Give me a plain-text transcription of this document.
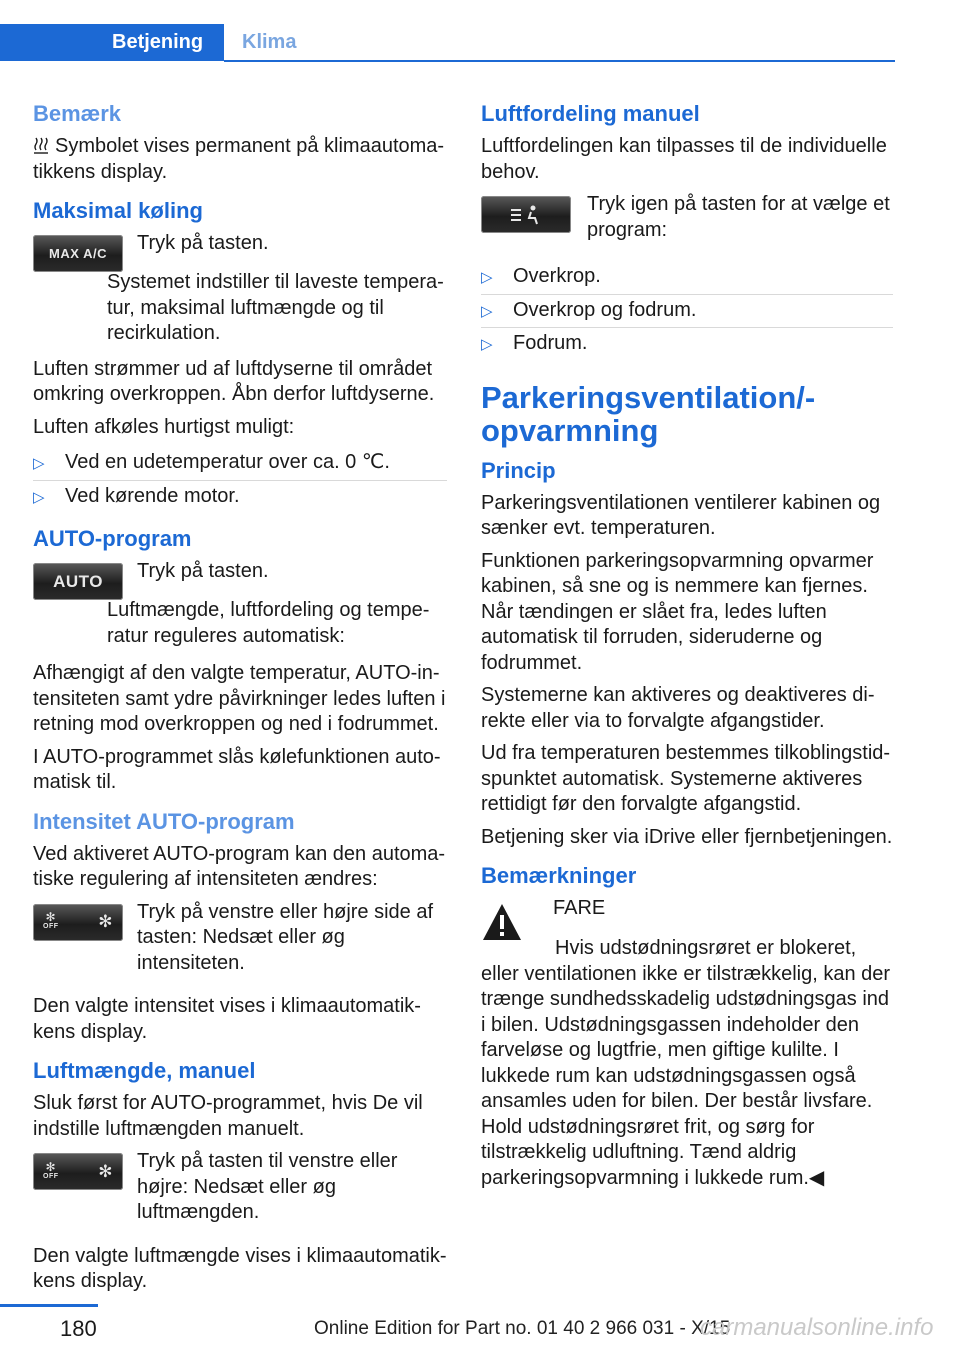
Betjening	Klima
Bemærk

Symbolet vises permanent på klimaautomatikkens display.

Maksimal køling
MAX A/C	Tryk på tasten.

Systemet indstiller til laveste temperatur, maksimal luftmængde og til recirkulation.

Luften strømmer ud af luftdyserne til området omkring overkroppen. Åbn derfor luftdyserne.

Luften afkøles hurtigst muligt:

▷ Ved en udetemperatur over ca. 0 ℃.
▷ Ved kørende motor.
AUTO-program
AUTO	Tryk på tasten.

Luftmængde, luftfordeling og temperatur reguleres automatisk:

Afhængigt af den valgte temperatur, AUTO-intensiteten samt ydre påvirkninger ledes luften i retning mod overkroppen og ned i fodrummet.

I AUTO-programmet slås kølefunktionen automatisk til.

Intensitet AUTO-program

Ved aktiveret AUTO-program kan den automatiske regulering af intensiteten ændres:

✻
OFF ✻ Tryk på venstre eller højre side af tasten: Nedsæt eller øg intensiteten.

Den valgte intensitet vises i klimaautomatikkens display.

Luftmængde, manuel

Sluk først for AUTO-programmet, hvis De vil indstille luftmængden manuelt.

✻
OFF ✻ Tryk på tasten til venstre eller højre: Nedsæt eller øg luftmængden.

Den valgte luftmængde vises i klimaautomatikkens display.

Luftfordeling manuel

Luftfordelingen kan tilpasses til de individuelle behov.

Tryk igen på tasten for at vælge et program:

▷ Overkrop.
▷ Overkrop og fodrum.
▷ Fodrum.
Parkeringsventilation/-opvarmning
Princip

Parkeringsventilationen ventilerer kabinen og sænker evt. temperaturen.

Funktionen parkeringsopvarmning opvarmer kabinen, så sne og is nemmere kan fjernes. Når tændingen er slået fra, ledes luften automatisk til forruden, sideruderne og fodrummet.

Systemerne kan aktiveres og deaktiveres direkte eller via to forvalgte afgangstider.

Ud fra temperaturen bestemmes tilkoblingstidspunktet automatisk. Systemerne aktiveres rettidigt før den forvalgte afgangstid.

Betjening sker via iDrive eller fjernbetjeningen.

Bemærkninger

FARE

Hvis udstødningsrøret er blokeret, eller ventilationen ikke er tilstrækkelig, kan der trænge sundhedsskadelig udstødningsgas ind i bilen. Udstødningsgassen indeholder den farveløse og lugtfrie, men giftige kulilte. I lukkede rum kan udstødningsgassen også ansamles uden for bilen. Der består livsfare. Hold udstødningsrøret frit, og sørg for tilstrækkelig udluftning. Tænd aldrig parkeringsopvarmning i lukkede rum.◀

180	Online Edition for Part no. 01 40 2 966 031 - X/15
carmanualsonline.info
